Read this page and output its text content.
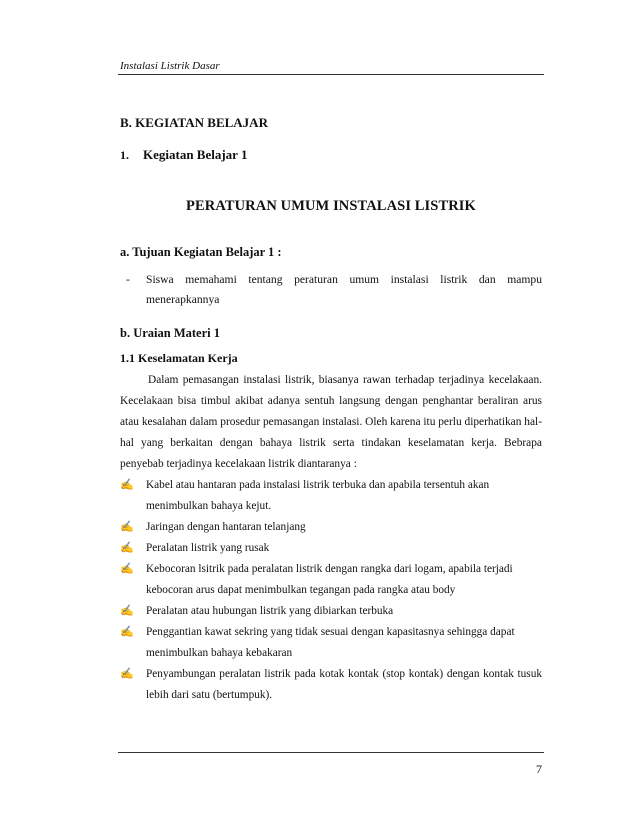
Instalasi Listrik Dasar

B. KEGIATAN BELAJAR

1. Kegiatan Belajar 1
PERATURAN UMUM INSTALASI LISTRIK
a. Tujuan Kegiatan Belajar 1 :
- Siswa memahami tentang peraturan umum instalasi listrik dan mampu menerapkannya
b. Uraian Materi 1
1.1 Keselamatan Kerja

Dalam pemasangan instalasi listrik, biasanya rawan terhadap terjadinya kecelakaan. Kecelakaan bisa timbul akibat adanya sentuh langsung dengan penghantar beraliran arus atau kesalahan dalam prosedur pemasangan instalasi. Oleh karena itu perlu diperhatikan hal-hal yang berkaitan dengan bahaya listrik serta tindakan keselamatan kerja. Bebrapa penyebab terjadinya kecelakaan listrik diantaranya :

✍ Kabel atau hantaran pada instalasi listrik terbuka dan apabila tersentuh akan menimbulkan bahaya kejut.
✍ Jaringan dengan hantaran telanjang
✍ Peralatan listrik yang rusak
✍ Kebocoran lsitrik pada peralatan listrik dengan rangka dari logam, apabila terjadi kebocoran arus dapat menimbulkan tegangan pada rangka atau body
✍ Peralatan atau hubungan listrik yang dibiarkan terbuka
✍ Penggantian kawat sekring yang tidak sesuai dengan kapasitasnya sehingga dapat menimbulkan bahaya kebakaran
✍ Penyambungan peralatan listrik pada kotak kontak (stop kontak) dengan kontak tusuk lebih dari satu (bertumpuk).
7
